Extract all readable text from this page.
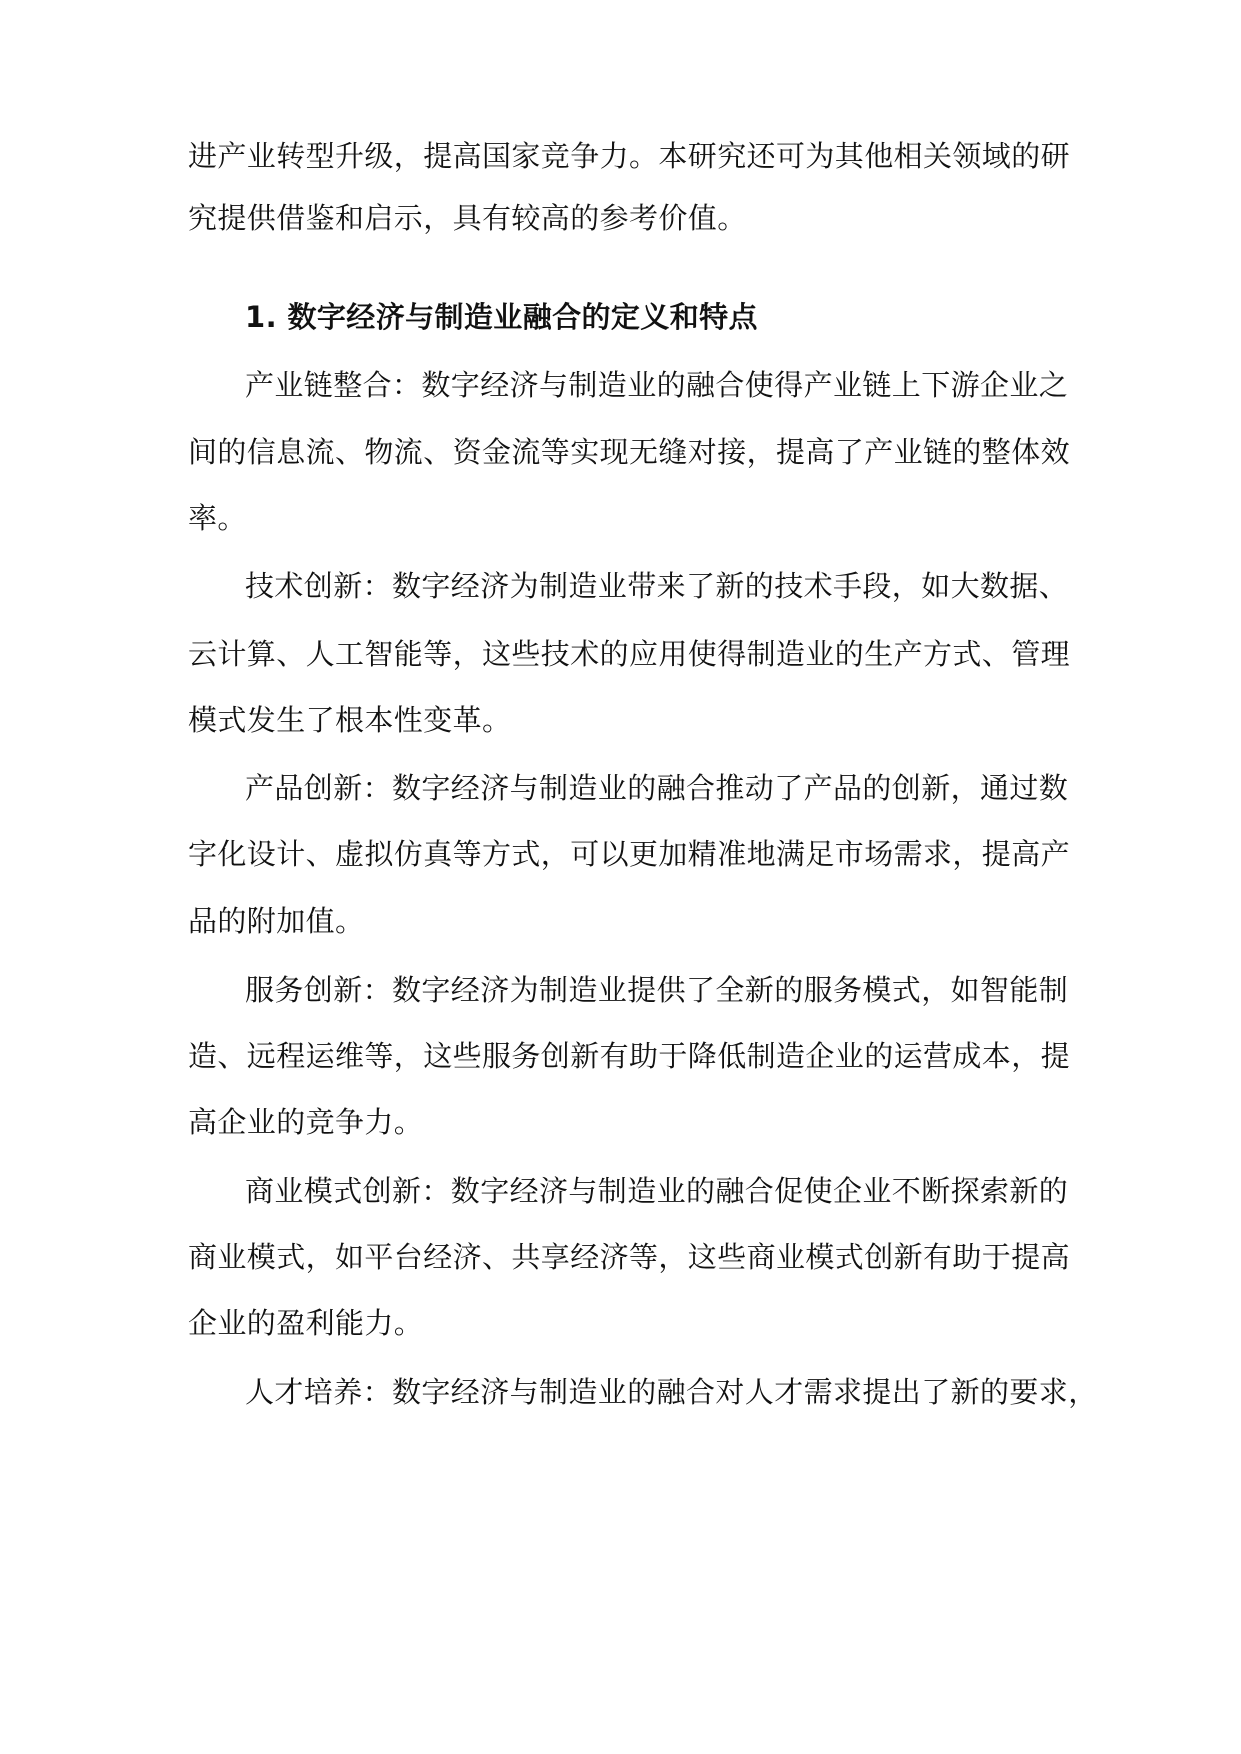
进产业转型升级，提高国家竞争力。本研究还可为其他相关领域的研
究提供借鉴和启示，具有较高的参考价值。
1. 数字经济与制造业融合的定义和特点
产业链整合：数字经济与制造业的融合使得产业链上下游企业之
间的信息流、物流、资金流等实现无缝对接，提高了产业链的整体效
率。
技术创新：数字经济为制造业带来了新的技术手段，如大数据、
云计算、人工智能等，这些技术的应用使得制造业的生产方式、管理
模式发生了根本性变革。
产品创新：数字经济与制造业的融合推动了产品的创新，通过数
字化设计、虚拟仿真等方式，可以更加精准地满足市场需求，提高产
品的附加值。
服务创新：数字经济为制造业提供了全新的服务模式，如智能制
造、远程运维等，这些服务创新有助于降低制造企业的运营成本，提
高企业的竞争力。
商业模式创新：数字经济与制造业的融合促使企业不断探索新的
商业模式，如平台经济、共享经济等，这些商业模式创新有助于提高
企业的盈利能力。
人才培养：数字经济与制造业的融合对人才需求提出了新的要求，
